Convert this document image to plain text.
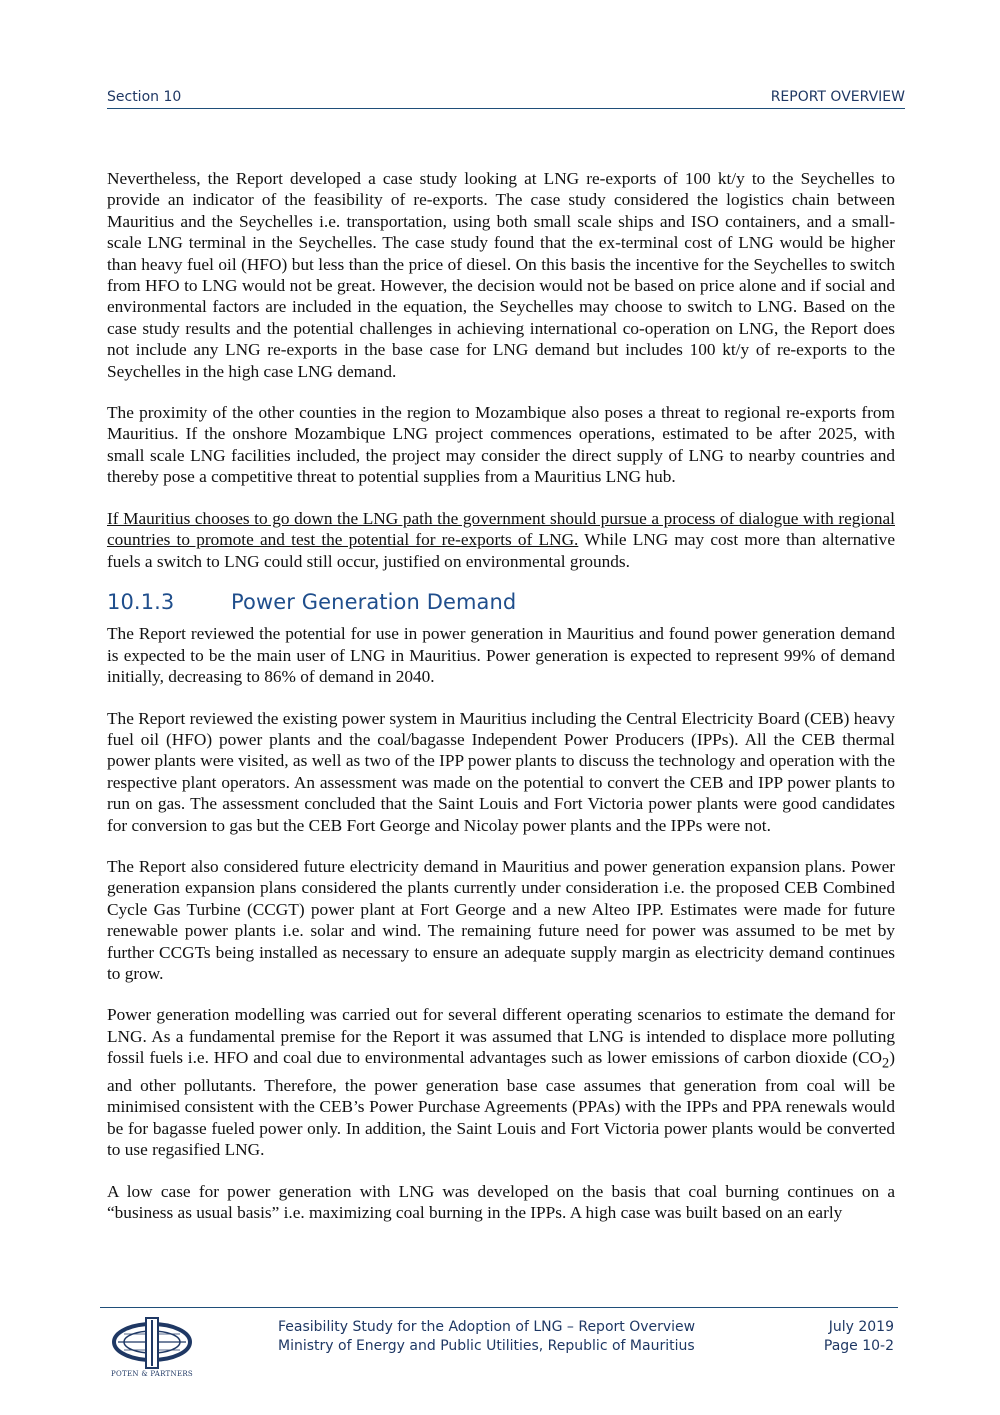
Section 10	REPORT OVERVIEW

Nevertheless, the Report developed a case study looking at LNG re-exports of 100 kt/y to the Seychelles to provide an indicator of the feasibility of re-exports. The case study considered the logistics chain between Mauritius and the Seychelles i.e. transportation, using both small scale ships and ISO containers, and a small-scale LNG terminal in the Seychelles. The case study found that the ex-terminal cost of LNG would be higher than heavy fuel oil (HFO) but less than the price of diesel. On this basis the incentive for the Seychelles to switch from HFO to LNG would not be great. However, the decision would not be based on price alone and if social and environmental factors are included in the equation, the Seychelles may choose to switch to LNG. Based on the case study results and the potential challenges in achieving international co-operation on LNG, the Report does not include any LNG re-exports in the base case for LNG demand but includes 100 kt/y of re-exports to the Seychelles in the high case LNG demand.

The proximity of the other counties in the region to Mozambique also poses a threat to regional re-exports from Mauritius. If the onshore Mozambique LNG project commences operations, estimated to be after 2025, with small scale LNG facilities included, the project may consider the direct supply of LNG to nearby countries and thereby pose a competitive threat to potential supplies from a Mauritius LNG hub.

If Mauritius chooses to go down the LNG path the government should pursue a process of dialogue with regional countries to promote and test the potential for re-exports of LNG. While LNG may cost more than alternative fuels a switch to LNG could still occur, justified on environmental grounds.

10.1.3	Power Generation Demand

The Report reviewed the potential for use in power generation in Mauritius and found power generation demand is expected to be the main user of LNG in Mauritius. Power generation is expected to represent 99% of demand initially, decreasing to 86% of demand in 2040.

The Report reviewed the existing power system in Mauritius including the Central Electricity Board (CEB) heavy fuel oil (HFO) power plants and the coal/bagasse Independent Power Producers (IPPs). All the CEB thermal power plants were visited, as well as two of the IPP power plants to discuss the technology and operation with the respective plant operators. An assessment was made on the potential to convert the CEB and IPP power plants to run on gas. The assessment concluded that the Saint Louis and Fort Victoria power plants were good candidates for conversion to gas but the CEB Fort George and Nicolay power plants and the IPPs were not.

The Report also considered future electricity demand in Mauritius and power generation expansion plans. Power generation expansion plans considered the plants currently under consideration i.e. the proposed CEB Combined Cycle Gas Turbine (CCGT) power plant at Fort George and a new Alteo IPP. Estimates were made for future renewable power plants i.e. solar and wind. The remaining future need for power was assumed to be met by further CCGTs being installed as necessary to ensure an adequate supply margin as electricity demand continues to grow.

Power generation modelling was carried out for several different operating scenarios to estimate the demand for LNG. As a fundamental premise for the Report it was assumed that LNG is intended to displace more polluting fossil fuels i.e. HFO and coal due to environmental advantages such as lower emissions of carbon dioxide $(CO_2)$ and other pollutants. Therefore, the power generation base case assumes that generation from coal will be minimised consistent with the CEB’s Power Purchase Agreements (PPAs) with the IPPs and PPA renewals would be for bagasse fueled power only. In addition, the Saint Louis and Fort Victoria power plants would be converted to use regasified LNG.

A low case for power generation with LNG was developed on the basis that coal burning continues on a “business as usual basis” i.e. maximizing coal burning in the IPPs. A high case was built based on an early

POTEN & PARTNERS
Feasibility Study for the Adoption of LNG – Report Overview
Ministry of Energy and Public Utilities, Republic of Mauritius
July 2019
Page 10-2
